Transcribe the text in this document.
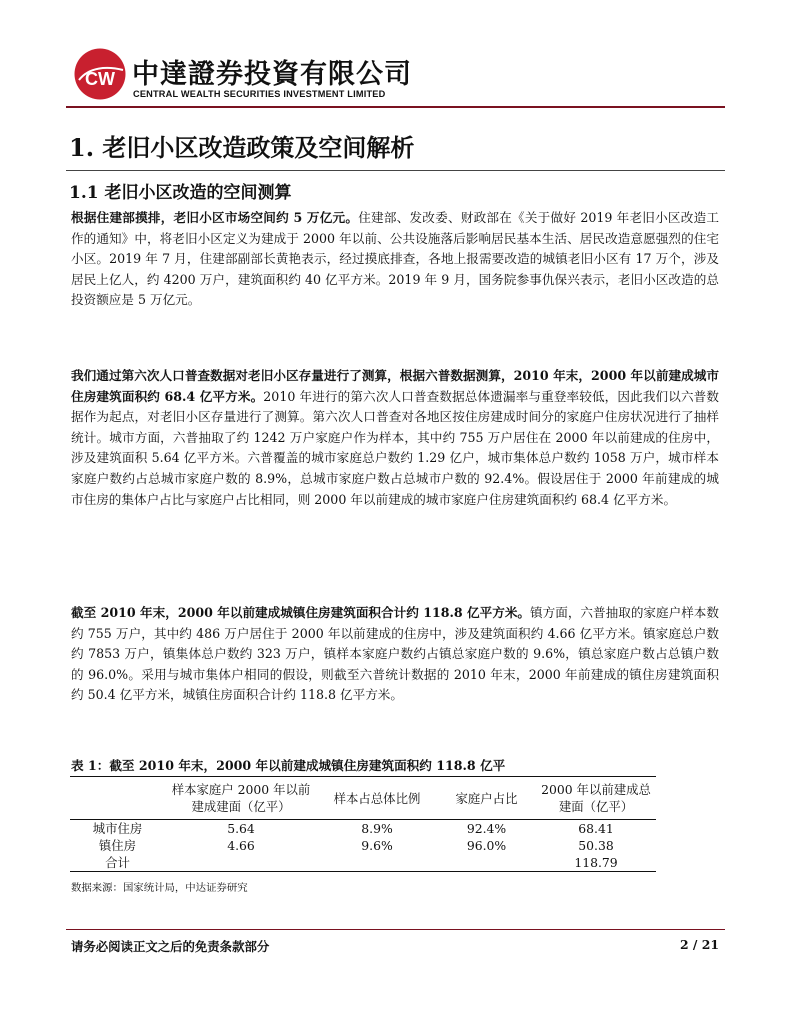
CW 中達證券投資有限公司
CENTRAL WEALTH SECURITIES INVESTMENT LIMITED
1. 老旧小区改造政策及空间解析
1.1 老旧小区改造的空间测算

根据住建部摸排，老旧小区市场空间约 5 万亿元。住建部、发改委、财政部在《关于做好 2019 年老旧小区改造工作的通知》中，将老旧小区定义为建成于 2000 年以前、公共设施落后影响居民基本生活、居民改造意愿强烈的住宅小区。2019 年 7 月，住建部副部长黄艳表示，经过摸底排查，各地上报需要改造的城镇老旧小区有 17 万个，涉及居民上亿人，约 4200 万户，建筑面积约 40 亿平方米。2019 年 9 月，国务院参事仇保兴表示，老旧小区改造的总投资额应是 5 万亿元。

我们通过第六次人口普查数据对老旧小区存量进行了测算，根据六普数据测算，2010 年末，2000 年以前建成城市住房建筑面积约 68.4 亿平方米。2010 年进行的第六次人口普查数据总体遗漏率与重登率较低，因此我们以六普数据作为起点，对老旧小区存量进行了测算。第六次人口普查对各地区按住房建成时间分的家庭户住房状况进行了抽样统计。城市方面，六普抽取了约 1242 万户家庭户作为样本，其中约 755 万户居住在 2000 年以前建成的住房中，涉及建筑面积 5.64 亿平方米。六普覆盖的城市家庭总户数约 1.29 亿户，城市集体总户数约 1058 万户，城市样本家庭户数约占总城市家庭户数的 8.9%，总城市家庭户数占总城市户数的 92.4%。假设居住于 2000 年前建成的城市住房的集体户占比与家庭户占比相同，则 2000 年以前建成的城市家庭户住房建筑面积约 68.4 亿平方米。

截至 2010 年末，2000 年以前建成城镇住房建筑面积合计约 118.8 亿平方米。镇方面，六普抽取的家庭户样本数约 755 万户，其中约 486 万户居住于 2000 年以前建成的住房中，涉及建筑面积约 4.66 亿平方米。镇家庭总户数约 7853 万户，镇集体总户数约 323 万户，镇样本家庭户数约占镇总家庭户数的 9.6%，镇总家庭户数占总镇户数的 96.0%。采用与城市集体户相同的假设，则截至六普统计数据的 2010 年末，2000 年前建成的镇住房建筑面积约 50.4 亿平方米，城镇住房面积合计约 118.8 亿平方米。

表 1：截至 2010 年末，2000 年以前建成城镇住房建筑面积约 118.8 亿平
	样本家庭户 2000 年以前建成建面（亿平）	样本占总体比例	家庭户占比	2000 年以前建成总建面（亿平）
城市住房	5.64	8.9%	92.4%	68.41
镇住房	4.66	9.6%	96.0%	50.38
合计				118.79
数据来源：国家统计局，中达证券研究
请务必阅读正文之后的免责条款部分	2 / 21
